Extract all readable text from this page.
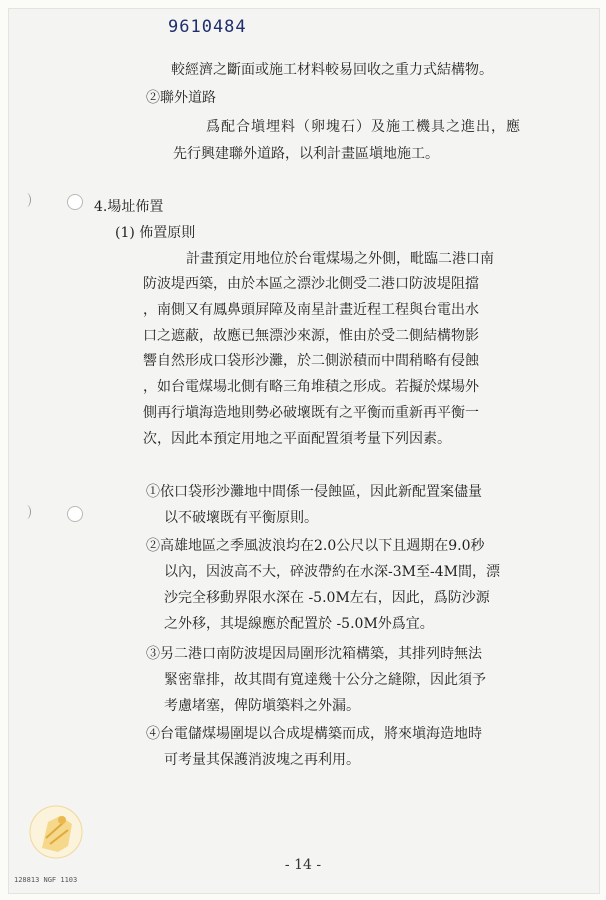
9610484
較經濟之斷面或施工材料較易回收之重力式結構物。
②聯外道路
爲配合塡埋料（卵塊石）及施工機具之進出，應
先行興建聯外道路，以利計畫區塡地施工。
4.場址佈置
(1) 佈置原則
計畫預定用地位於台電煤場之外側，毗臨二港口南
防波堤西築，由於本區之漂沙北側受二港口防波堤阻擋
，南側又有鳳鼻頭屛障及南星計畫近程工程與台電出水
口之遮蔽，故應已無漂沙來源，惟由於受二側結構物影
響自然形成口袋形沙灘，於二側淤積而中間稍略有侵蝕
，如台電煤場北側有略三角堆積之形成。若擬於煤場外
側再行塡海造地則勢必破壞既有之平衡而重新再平衡一
次，因此本預定用地之平面配置須考量下列因素。
①依口袋形沙灘地中間係一侵蝕區，因此新配置案儘量
以不破壞既有平衡原則。
②高雄地區之季風波浪均在2.0公尺以下且週期在9.0秒
以內，因波高不大，碎波帶約在水深-3M至-4M間，漂
沙完全移動界限水深在 -5.0M左右，因此，爲防沙源
之外移，其堤線應於配置於 -5.0M外爲宜。
③另二港口南防波堤因局圍形沈箱構築，其排列時無法
緊密靠排，故其間有寬達幾十公分之縫隙，因此須予
考慮堵塞，俾防塡築料之外漏。
④台電儲煤場圍堤以合成堤構築而成，將來塡海造地時
可考量其保護消波塊之再利用。
- 14 -
128813 NGF 1103
